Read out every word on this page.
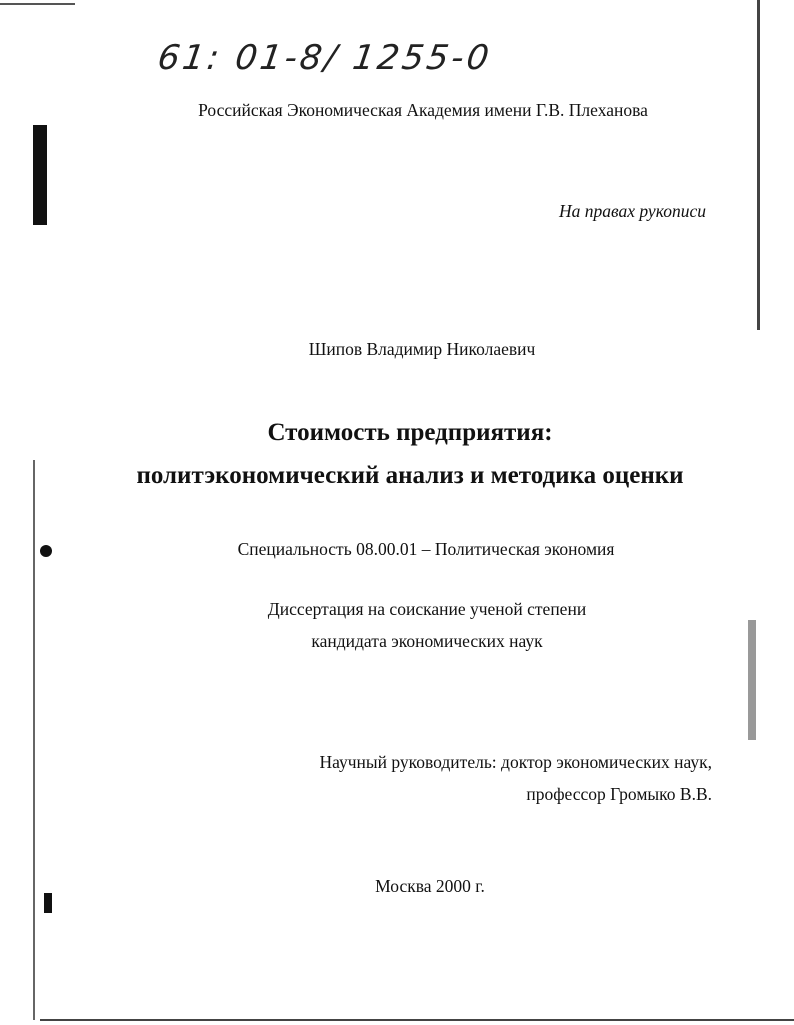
61: 01-8/ 1255-0
Российская Экономическая Академия имени Г.В. Плеханова
На правах рукописи
Шипов Владимир Николаевич
Стоимость предприятия:
политэкономический анализ и методика оценки
Специальность 08.00.01 – Политическая экономия
Диссертация на соискание ученой степени
кандидата экономических наук
Научный руководитель: доктор экономических наук,
профессор Громыко В.В.
Москва 2000 г.
